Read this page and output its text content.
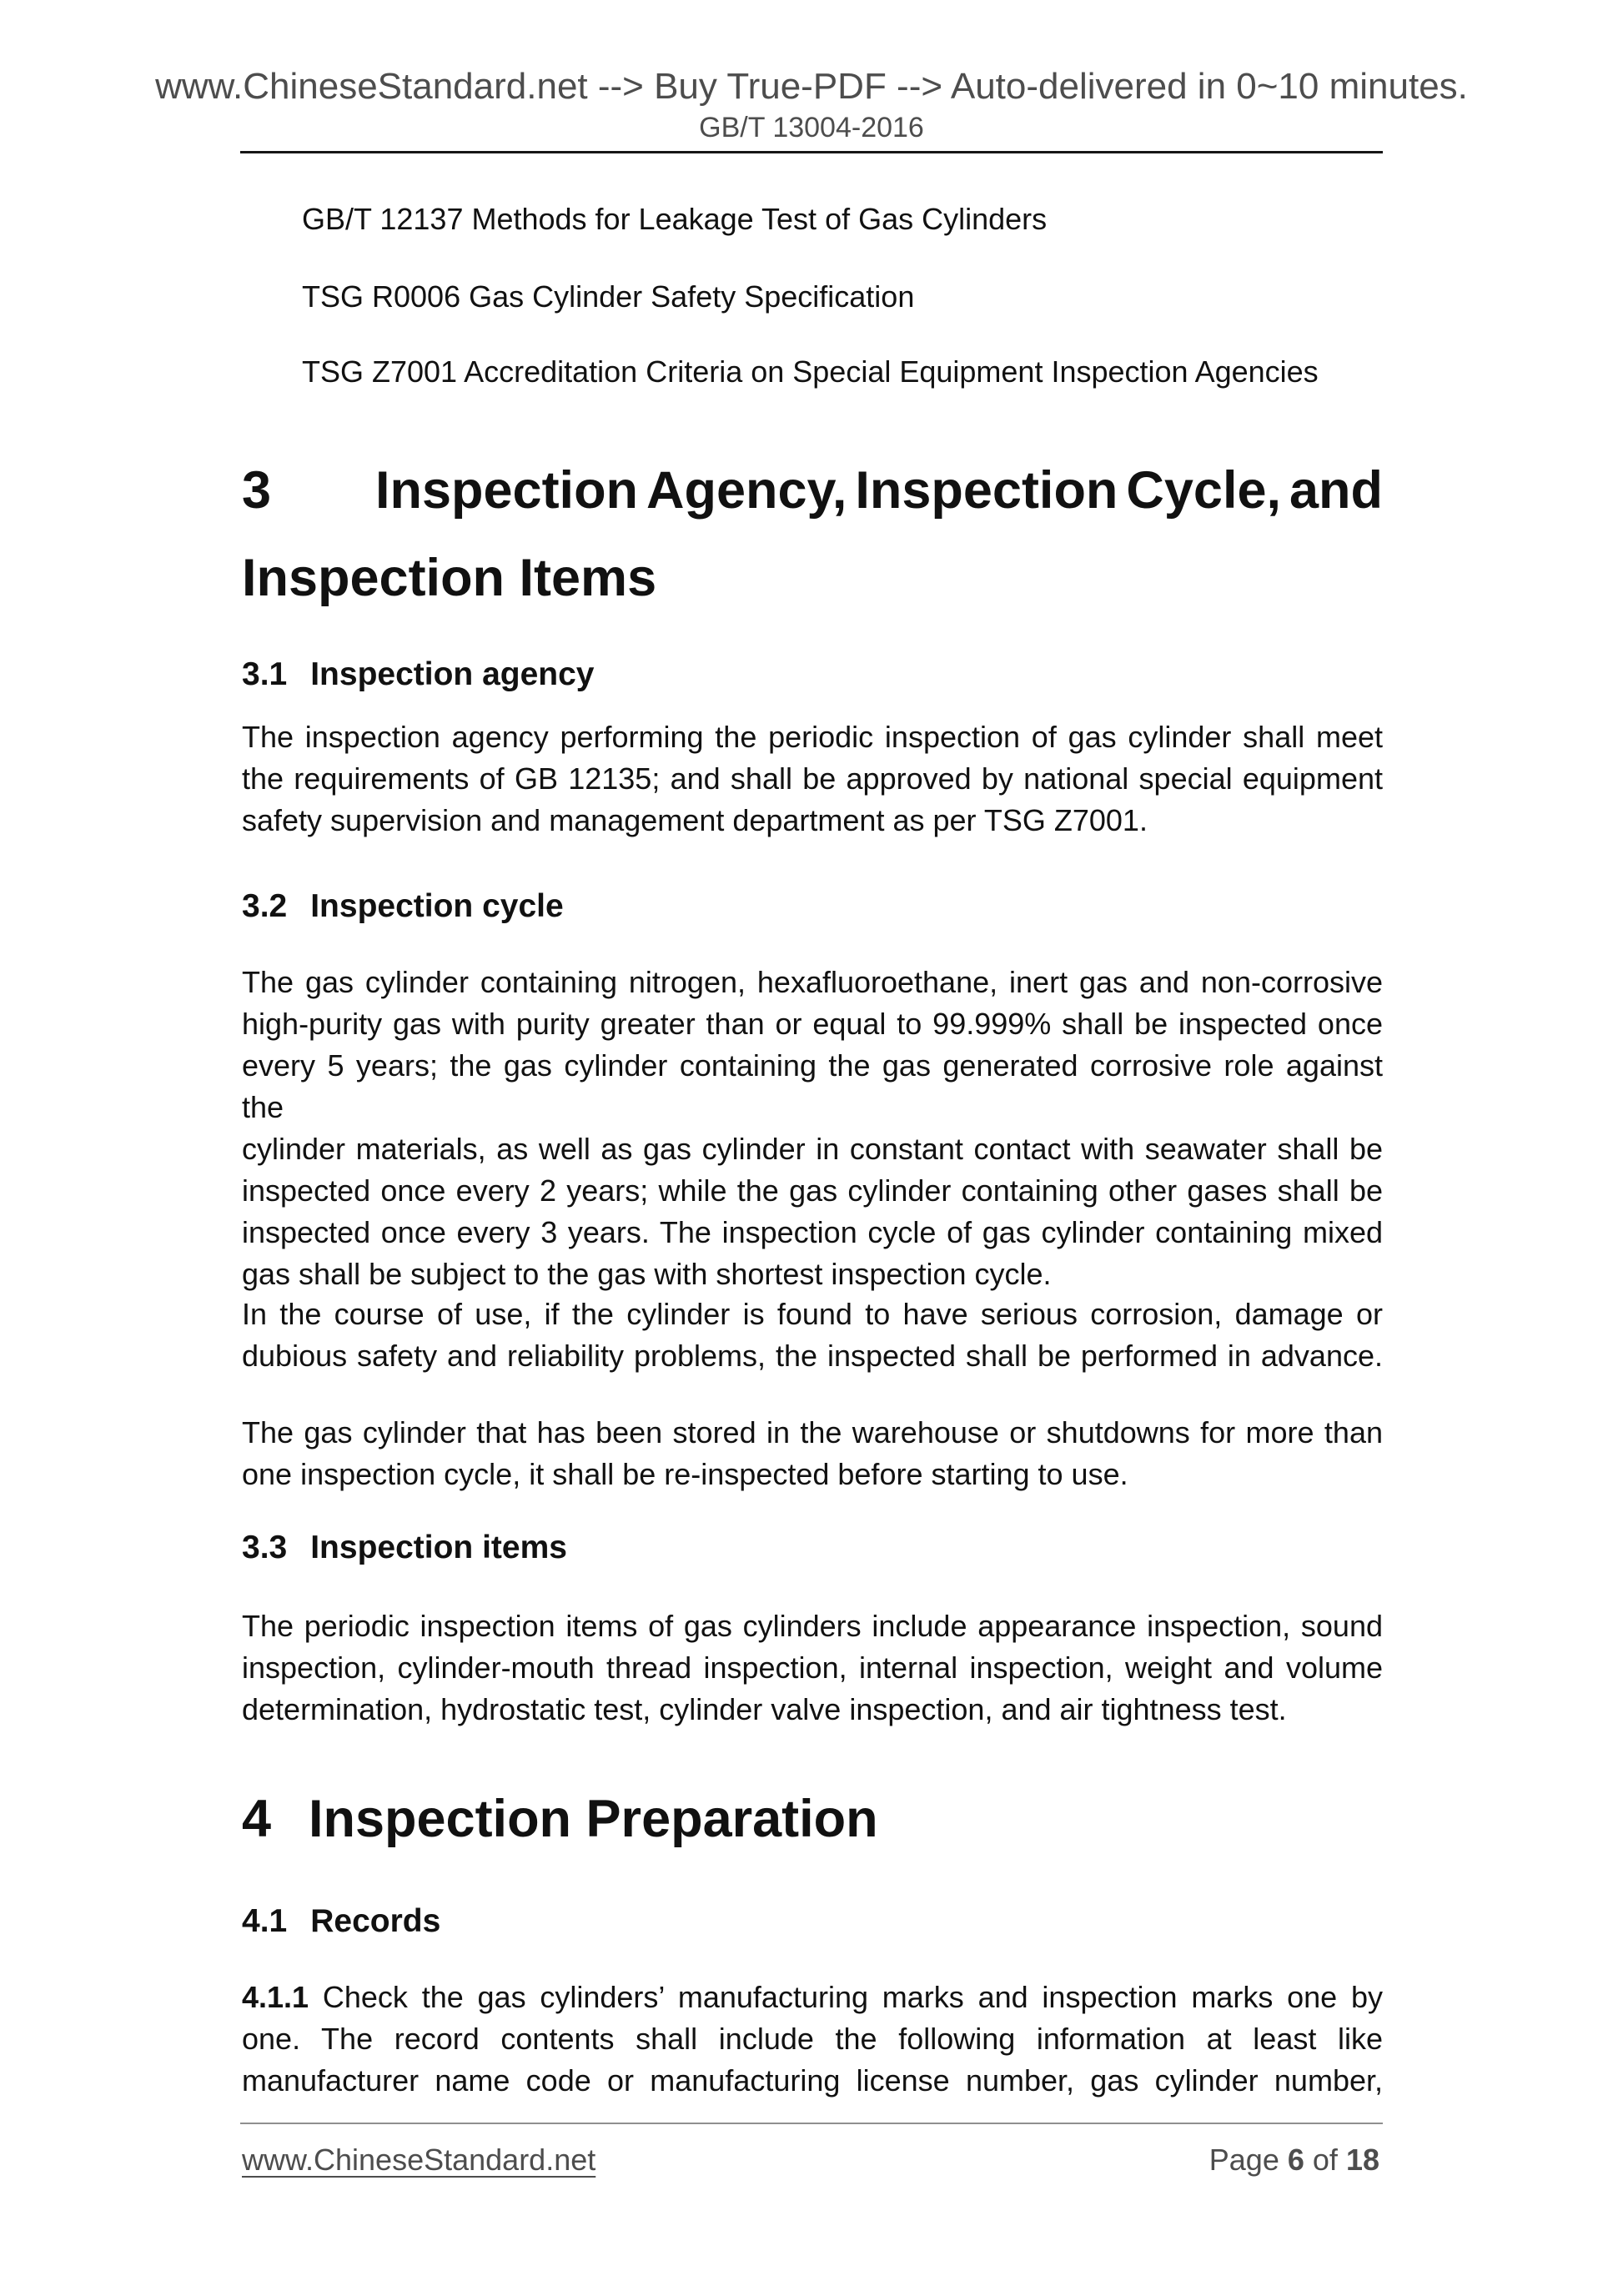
www.ChineseStandard.net --> Buy True-PDF --> Auto-delivered in 0~10 minutes.
GB/T 13004-2016
GB/T 12137 Methods for Leakage Test of Gas Cylinders
TSG R0006 Gas Cylinder Safety Specification
TSG Z7001 Accreditation Criteria on Special Equipment Inspection Agencies
3	Inspection Agency, Inspection Cycle, and
Inspection Items
3.1 Inspection agency
The inspection agency performing the periodic inspection of gas cylinder shall meet
the requirements of GB 12135; and shall be approved by national special equipment
safety supervision and management department as per TSG Z7001.
3.2 Inspection cycle
The gas cylinder containing nitrogen, hexafluoroethane, inert gas and non-corrosive
high-purity gas with purity greater than or equal to 99.999% shall be inspected once
every 5 years; the gas cylinder containing the gas generated corrosive role against the
cylinder materials, as well as gas cylinder in constant contact with seawater shall be
inspected once every 2 years; while the gas cylinder containing other gases shall be
inspected once every 3 years. The inspection cycle of gas cylinder containing mixed
gas shall be subject to the gas with shortest inspection cycle.
In the course of use, if the cylinder is found to have serious corrosion, damage or
dubious safety and reliability problems, the inspected shall be performed in advance.
The gas cylinder that has been stored in the warehouse or shutdowns for more than
one inspection cycle, it shall be re-inspected before starting to use.
3.3 Inspection items
The periodic inspection items of gas cylinders include appearance inspection, sound
inspection, cylinder-mouth thread inspection, internal inspection, weight and volume
determination, hydrostatic test, cylinder valve inspection, and air tightness test.
4 Inspection Preparation
4.1 Records
4.1.1 Check the gas cylinders’ manufacturing marks and inspection marks one by
one. The record contents shall include the following information at least like
manufacturer name code or manufacturing license number, gas cylinder number,
www.ChineseStandard.net	Page 6 of 18
